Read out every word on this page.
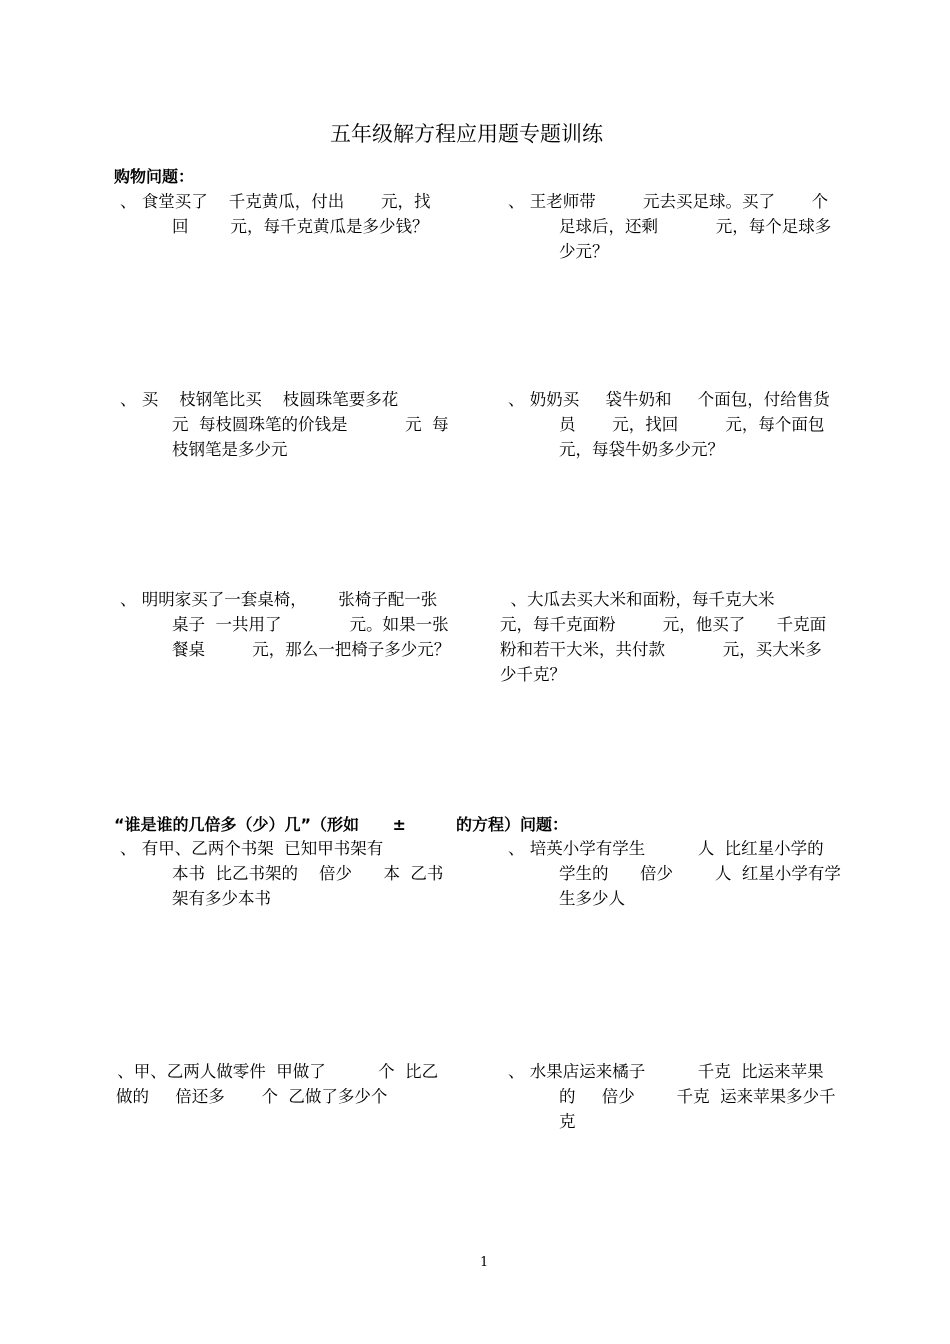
五年级解方程应用题专题训练
购物问题：
、 食堂买了    千克黄瓜，付出       元，找
回        元，每千克黄瓜是多少钱？
、 王老师带         元去买足球。买了       个
足球后，还剩           元，每个足球多
少元？
、 买    枝钢笔比买    枝圆珠笔要多花
元  每枝圆珠笔的价钱是           元  每
枝钢笔是多少元
、 奶奶买     袋牛奶和     个面包，付给售货
员       元，找回         元，每个面包
元，每袋牛奶多少元？
、 明明家买了一套桌椅，      张椅子配一张
桌子  一共用了             元。如果一张
餐桌         元，那么一把椅子多少元？
、大瓜去买大米和面粉，每千克大米
元，每千克面粉         元，他买了      千克面
粉和若干大米，共付款           元，买大米多
少千克？
“谁是谁的几倍多（少）几”（形如      ±         的方程）问题：
、 有甲、乙两个书架  已知甲书架有
本书  比乙书架的    倍少      本  乙书
架有多少本书
、 培英小学有学生          人  比红星小学的
学生的      倍少        人  红星小学有学
生多少人
、甲、乙两人做零件  甲做了          个  比乙
做的     倍还多       个  乙做了多少个
、 水果店运来橘子          千克  比运来苹果
的     倍少        千克  运来苹果多少千
克
1
